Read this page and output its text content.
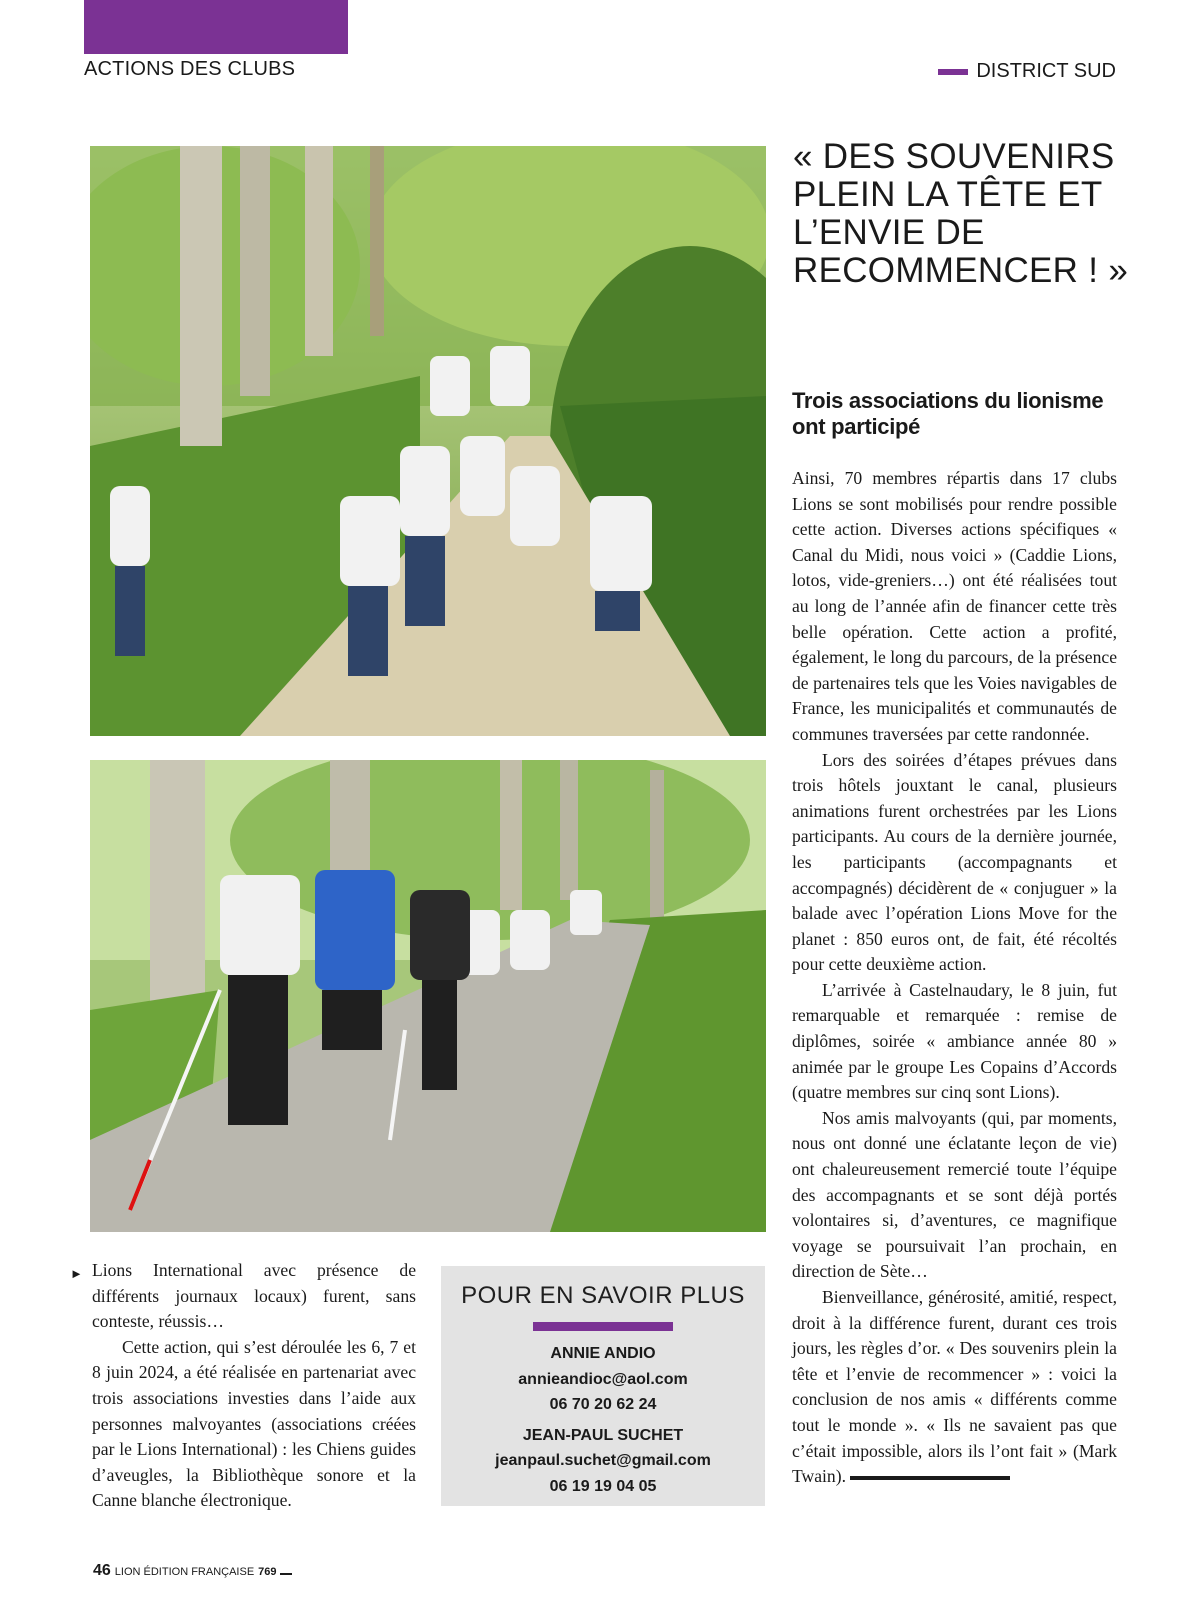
ACTIONS DES CLUBS	DISTRICT SUD
« DES SOUVENIRS PLEIN LA TÊTE ET L’ENVIE DE RECOMMENCER ! »
Trois associations du lionisme ont participé

Ainsi, 70 membres répartis dans 17 clubs Lions se sont mobilisés pour rendre possible cette action. Diverses actions spécifiques « Canal du Midi, nous voici » (Caddie Lions, lotos, vide-greniers…) ont été réalisées tout au long de l’année afin de financer cette très belle opération. Cette action a profité, également, le long du parcours, de la présence de partenaires tels que les Voies navigables de France, les municipalités et communautés de communes traversées par cette randonnée.

Lors des soirées d’étapes prévues dans trois hôtels jouxtant le canal, plusieurs animations furent orchestrées par les Lions participants. Au cours de la dernière journée, les participants (accompagnants et accompagnés) décidèrent de « conjuguer » la balade avec l’opération Lions Move for the planet : 850 euros ont, de fait, été récoltés pour cette deuxième action.

L’arrivée à Castelnaudary, le 8 juin, fut remarquable et remarquée : remise de diplômes, soirée « ambiance année 80 » animée par le groupe Les Copains d’Accords (quatre membres sur cinq sont Lions).

Nos amis malvoyants (qui, par moments, nous ont donné une éclatante leçon de vie) ont chaleureusement remercié toute l’équipe des accompagnants et se sont déjà portés volontaires si, d’aventures, ce magnifique voyage se poursuivait l’an prochain, en direction de Sète…

Bienveillance, générosité, amitié, respect, droit à la différence furent, durant ces trois jours, les règles d’or. « Des souvenirs plein la tête et l’envie de recommencer » : voici la conclusion de nos amis « différents comme tout le monde ». « Ils ne savaient pas que c’était impossible, alors ils l’ont fait » (Mark Twain).

► Lions International avec présence de différents journaux locaux) furent, sans conteste, réussis…

Cette action, qui s’est déroulée les 6, 7 et 8 juin 2024, a été réalisée en partenariat avec trois associations investies dans l’aide aux personnes malvoyantes (associations créées par le Lions International) : les Chiens guides d’aveugles, la Bibliothèque sonore et la Canne blanche électronique.

POUR EN SAVOIR PLUS
ANNIE ANDIO
annieandioc@aol.com
06 70 20 62 24
JEAN-PAUL SUCHET
jeanpaul.suchet@gmail.com
06 19 19 04 05
46 LION ÉDITION FRANÇAISE 769
